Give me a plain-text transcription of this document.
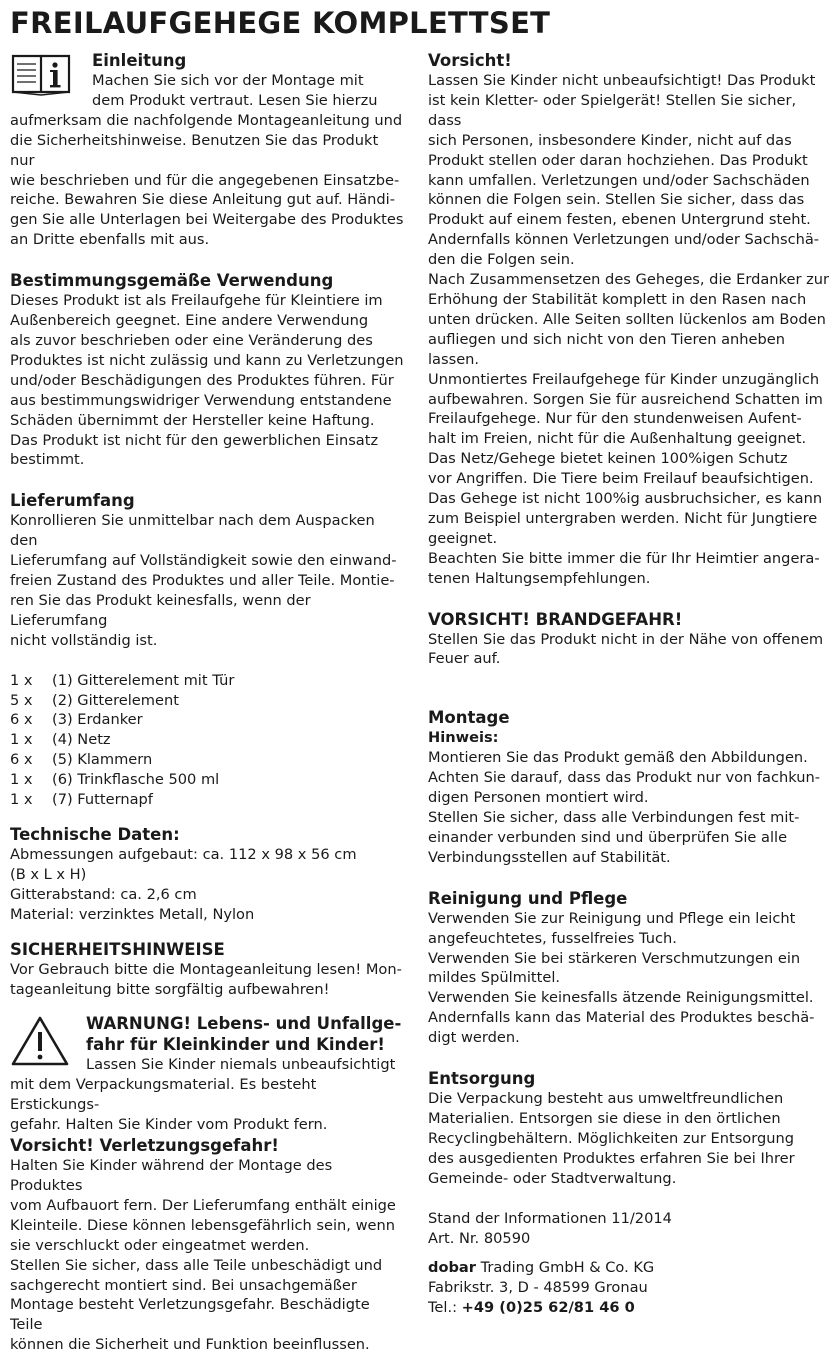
FREILAUFGEHEGE KOMPLETTSET

Einleitung

Machen Sie sich vor der Montage mit

dem Produkt vertraut. Lesen Sie hierzu

aufmerksam die nachfolgende Montageanleitung und

die Sicherheitshinweise. Benutzen Sie das Produkt nur

wie beschrieben und für die angegebenen Einsatzbe-

reiche. Bewahren Sie diese Anleitung gut auf. Händi-

gen Sie alle Unterlagen bei Weitergabe des Produktes

an Dritte ebenfalls mit aus.

Bestimmungsgemäße Verwendung

Dieses Produkt ist als Freilaufgehe für Kleintiere im

Außenbereich geegnet. Eine andere Verwendung

als zuvor beschrieben oder eine Veränderung des

Produktes ist nicht zulässig und kann zu Verletzungen

und/oder Beschädigungen des Produktes führen. Für

aus bestimmungswidriger Verwendung entstandene

Schäden übernimmt der Hersteller keine Haftung.

Das Produkt ist nicht für den gewerblichen Einsatz

bestimmt.

Lieferumfang

Konrollieren Sie unmittelbar nach dem Auspacken den

Lieferumfang auf Vollständigkeit sowie den einwand-

freien Zustand des Produktes und aller Teile. Montie-

ren Sie das Produkt keinesfalls, wenn der Lieferumfang

nicht vollständig ist.

1 x	(1) Gitterelement mit Tür
5 x	(2) Gitterelement
6 x	(3) Erdanker
1 x	(4) Netz
6 x	(5) Klammern
1 x	(6) Trinkflasche 500 ml
1 x	(7) Futternapf

Technische Daten:

Abmessungen aufgebaut: ca. 112 x 98 x 56 cm

(B x L x H)

Gitterabstand: ca. 2,6 cm

Material: verzinktes Metall, Nylon

SICHERHEITSHINWEISE

Vor Gebrauch bitte die Montageanleitung lesen! Mon-

tageanleitung bitte sorgfältig aufbewahren!

WARNUNG! Lebens- und Unfallge-

fahr für Kleinkinder und Kinder!

Lassen Sie Kinder niemals unbeaufsichtigt

mit dem Verpackungsmaterial. Es besteht Erstickungs-

gefahr. Halten Sie Kinder vom Produkt fern.

Vorsicht! Verletzungsgefahr!

Halten Sie Kinder während der Montage des Produktes

vom Aufbauort fern. Der Lieferumfang enthält einige

Kleinteile. Diese können lebensgefährlich sein, wenn

sie verschluckt oder eingeatmet werden.

Stellen Sie sicher, dass alle Teile unbeschädigt und

sachgerecht montiert sind. Bei unsachgemäßer

Montage besteht Verletzungsgefahr. Beschädigte Teile

können die Sicherheit und Funktion beeinflussen.

Vorsicht!

Lassen Sie Kinder nicht unbeaufsichtigt! Das Produkt

ist kein Kletter- oder Spielgerät! Stellen Sie sicher, dass

sich Personen, insbesondere Kinder, nicht auf das

Produkt stellen oder daran hochziehen. Das Produkt

kann umfallen. Verletzungen und/oder Sachschäden

können die Folgen sein. Stellen Sie sicher, dass das

Produkt auf einem festen, ebenen Untergrund steht.

Andernfalls können Verletzungen und/oder Sachschä-

den die Folgen sein.

Nach Zusammensetzen des Geheges, die Erdanker zur

Erhöhung der Stabilität komplett in den Rasen nach

unten drücken. Alle Seiten sollten lückenlos am Boden

aufliegen und sich nicht von den Tieren anheben

lassen.

Unmontiertes Freilaufgehege für Kinder unzugänglich

aufbewahren. Sorgen Sie für ausreichend Schatten im

Freilaufgehege. Nur für den stundenweisen Aufent-

halt im Freien, nicht für die Außenhaltung geeignet.

Das Netz/Gehege bietet keinen 100%igen Schutz

vor Angriffen. Die Tiere beim Freilauf beaufsichtigen.

Das Gehege ist nicht 100%ig ausbruchsicher, es kann

zum Beispiel untergraben werden. Nicht für Jungtiere

geeignet.

Beachten Sie bitte immer die für Ihr Heimtier angera-

tenen Haltungsempfehlungen.

VORSICHT! BRANDGEFAHR!

Stellen Sie das Produkt nicht in der Nähe von offenem

Feuer auf.

Montage

Hinweis:

Montieren Sie das Produkt gemäß den Abbildungen.

Achten Sie darauf, dass das Produkt nur von fachkun-

digen Personen montiert wird.

Stellen Sie sicher, dass alle Verbindungen fest mit-

einander verbunden sind und überprüfen Sie alle

Verbindungsstellen auf Stabilität.

Reinigung und Pflege

Verwenden Sie zur Reinigung und Pflege ein leicht

angefeuchtetes, fusselfreies Tuch.

Verwenden Sie bei stärkeren Verschmutzungen ein

mildes Spülmittel.

Verwenden Sie keinesfalls ätzende Reinigungsmittel.

Andernfalls kann das Material des Produktes beschä-

digt werden.

Entsorgung

Die Verpackung besteht aus umweltfreundlichen

Materialien. Entsorgen sie diese in den örtlichen

Recyclingbehältern. Möglichkeiten zur Entsorgung

des ausgedienten Produktes erfahren Sie bei Ihrer

Gemeinde- oder Stadtverwaltung.

Stand der Informationen 11/2014

Art. Nr. 80590

dobar Trading GmbH & Co. KG

Fabrikstr. 3, D - 48599 Gronau

Tel.: +49 (0)25 62/81 46 0
